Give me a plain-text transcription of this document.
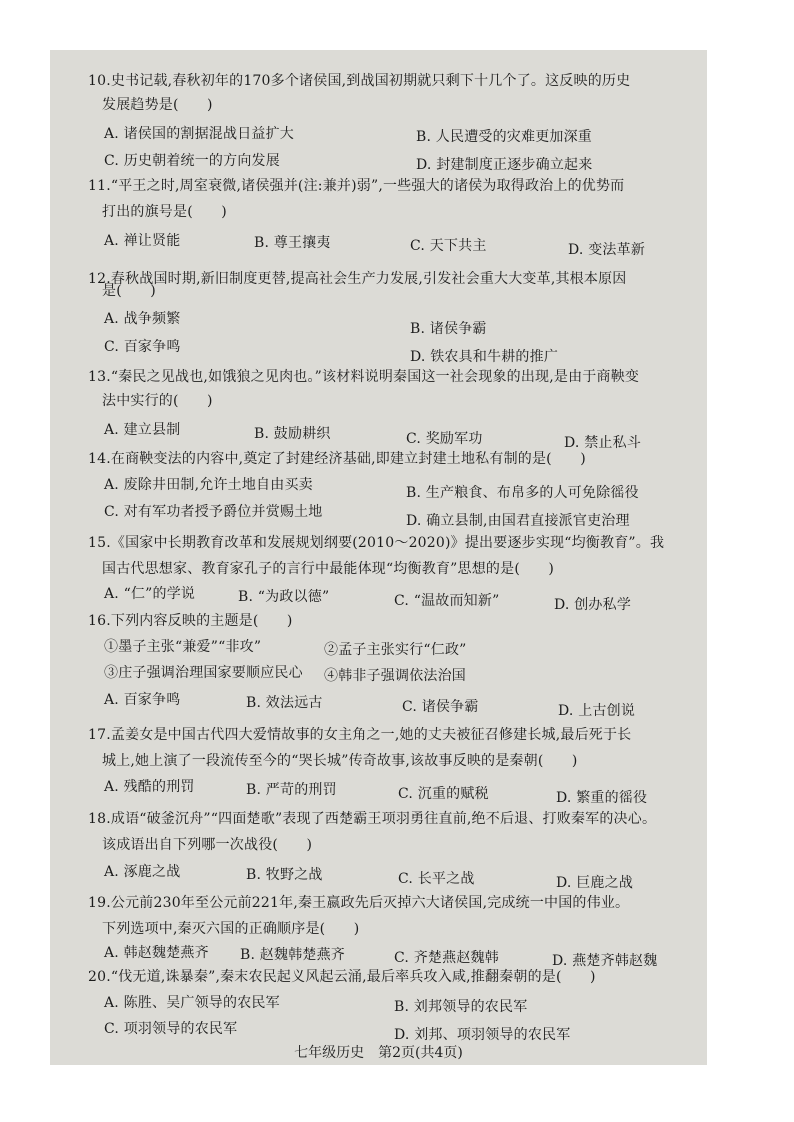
10.史书记载,春秋初年的170多个诸侯国,到战国初期就只剩下十几个了。这反映的历史
发展趋势是(　　)
A. 诸侯国的割据混战日益扩大	B. 人民遭受的灾难更加深重
C. 历史朝着统一的方向发展	D. 封建制度正逐步确立起来
11.“平王之时,周室衰微,诸侯强并(注:兼并)弱”,一些强大的诸侯为取得政治上的优势而
打出的旗号是(　　)
A. 禅让贤能	B. 尊王攘夷	C. 天下共主	D. 变法革新
12.春秋战国时期,新旧制度更替,提高社会生产力发展,引发社会重大大变革,其根本原因
是(　　)
A. 战争频繁
B. 诸侯争霸
C. 百家争鸣
D. 铁农具和牛耕的推广
13.“秦民之见战也,如饿狼之见肉也。”该材料说明秦国这一社会现象的出现,是由于商鞅变
法中实行的(　　)
A. 建立县制	B. 鼓励耕织	C. 奖励军功	D. 禁止私斗
14.在商鞅变法的内容中,奠定了封建经济基础,即建立封建土地私有制的是(　　)
A. 废除井田制,允许土地自由买卖	B. 生产粮食、布帛多的人可免除徭役
C. 对有军功者授予爵位并赏赐土地
D. 确立县制,由国君直接派官吏治理
15.《国家中长期教育改革和发展规划纲要(2010～2020)》提出要逐步实现“均衡教育”。我
国古代思想家、教育家孔子的言行中最能体现“均衡教育”思想的是(　　)
A. “仁”的学说	B. “为政以德”	C. “温故而知新”	D. 创办私学
16.下列内容反映的主题是(　　)
①墨子主张“兼爱”“非攻”	②孟子主张实行“仁政”
③庄子强调治理国家要顺应民心 ④韩非子强调依法治国
A. 百家争鸣	B. 效法远古	C. 诸侯争霸	D. 上古创说
17.孟姜女是中国古代四大爱情故事的女主角之一,她的丈夫被征召修建长城,最后死于长
城上,她上演了一段流传至今的“哭长城”传奇故事,该故事反映的是秦朝(　　)
A. 残酷的刑罚	B. 严苛的刑罚	C. 沉重的赋税	D. 繁重的徭役
18.成语“破釜沉舟”“四面楚歌”表现了西楚霸王项羽勇往直前,绝不后退、打败秦军的决心。
该成语出自下列哪一次战役(　　)
A. 涿鹿之战	B. 牧野之战	C. 长平之战	D. 巨鹿之战
19.公元前230年至公元前221年,秦王嬴政先后灭掉六大诸侯国,完成统一中国的伟业。
下列选项中,秦灭六国的正确顺序是(　　)
A. 韩赵魏楚燕齐 B. 赵魏韩楚燕齐	C. 齐楚燕赵魏韩	D. 燕楚齐韩赵魏
20.“伐无道,诛暴秦”,秦末农民起义风起云涌,最后率兵攻入咸,推翻秦朝的是(　　)
A. 陈胜、吴广领导的农民军	B. 刘邦领导的农民军
C. 项羽领导的农民军	D. 刘邦、项羽领导的农民军
七年级历史　第2页(共4页)
